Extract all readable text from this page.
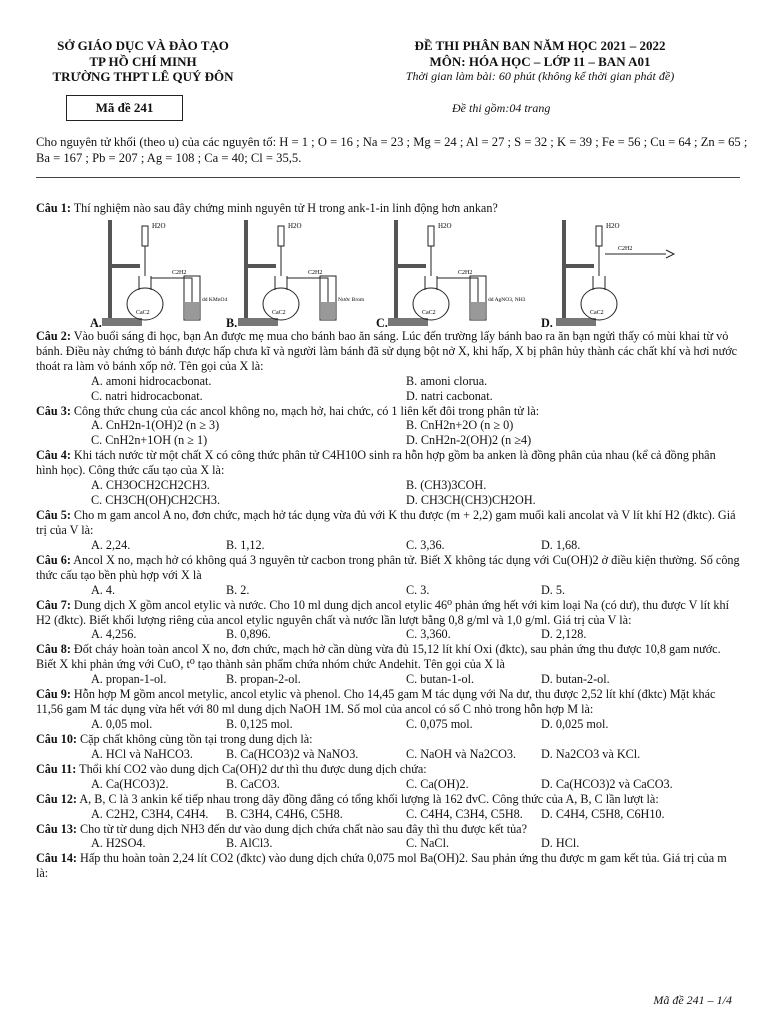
SỞ GIÁO DỤC VÀ ĐÀO TẠO
TP HỒ CHÍ MINH
TRƯỜNG THPT LÊ QUÝ ĐÔN
ĐỀ THI PHÂN BAN NĂM HỌC 2021 – 2022
MÔN: HÓA HỌC – LỚP 11 – BAN A01
Thời gian làm bài: 60 phút (không kể thời gian phát đề)
Mã đề 241	Đề thi gồm:04 trang
Cho nguyên tử khối (theo u) của các nguyên tố: H = 1 ; O = 16 ; Na = 23 ; Mg = 24 ; Al = 27 ; S = 32 ; K = 39 ; Fe = 56 ; Cu = 64 ; Zn = 65 ; Ba = 167 ; Pb = 207 ; Ag = 108 ; Ca = 40; Cl = 35,5.
Câu 1: Thí nghiệm nào sau đây chứng minh nguyên tử H trong ank-1-in linh động hơn ankan?
A.
H2O
C2H2
dd KMnO4
CaC2
B.
H2O
C2H2
Nước Brom
CaC2
C.
H2O
C2H2
dd AgNO3, NH3
CaC2
D.
H2O
C2H2
CaC2
Câu 2: Vào buổi sáng đi học, bạn An được mẹ mua cho bánh bao ăn sáng. Lúc đến trường lấy bánh bao ra ăn bạn ngửi thấy có mùi khai từ vỏ bánh. Điều này chứng tỏ bánh được hấp chưa kĩ và người làm bánh đã sử dụng bột nở X, khi hấp, X bị phân hủy thành các chất khí và hơi nước thoát ra làm vỏ bánh xốp nở. Tên gọi của X là:
A. amoni hidrocacbonat.	B. amoni clorua.
C. natri hidrocacbonat.	D. natri cacbonat.
Câu 3: Công thức chung của các ancol không no, mạch hở, hai chức, có 1 liên kết đôi trong phân tử là:
A. CnH2n-1(OH)2 (n ≥ 3)	B. CnH2n+2O (n ≥ 0)
C. CnH2n+1OH (n ≥ 1)	D. CnH2n-2(OH)2 (n ≥4)
Câu 4: Khi tách nước từ một chất X có công thức phân tử C4H10O sinh ra hỗn hợp gồm ba anken là đồng phân của nhau (kể cả đồng phân hình học). Công thức cấu tạo của X là:
A. CH3OCH2CH2CH3.	B. (CH3)3COH.
C. CH3CH(OH)CH2CH3.	D. CH3CH(CH3)CH2OH.
Câu 5: Cho m gam ancol A no, đơn chức, mạch hở tác dụng vừa đủ với K thu được (m + 2,2) gam muối kali ancolat và V lít khí H2 (đktc). Giá trị của V là:
A. 2,24.	B. 1,12.	C. 3,36.	D. 1,68.
Câu 6: Ancol X no, mạch hở có không quá 3 nguyên tử cacbon trong phân tử. Biết X không tác dụng với Cu(OH)2 ở điều kiện thường. Số công thức cấu tạo bền phù hợp với X là
A. 4.	B. 2.	C. 3.	D. 5.
Câu 7: Dung dịch X gồm ancol etylic và nước. Cho 10 ml dung dịch ancol etylic 46⁰ phản ứng hết với kim loại Na (có dư), thu được V lít khí H2 (đktc). Biết khối lượng riêng của ancol etylic nguyên chất và nước lần lượt bằng 0,8 g/ml và 1,0 g/ml. Giá trị của V là:
A. 4,256.	B. 0,896.	C. 3,360.	D. 2,128.
Câu 8: Đốt cháy hoàn toàn ancol X no, đơn chức, mạch hở cần dùng vừa đủ 15,12 lít khí Oxi (đktc), sau phản ứng thu được 10,8 gam nước. Biết X khi phản ứng với CuO, t⁰ tạo thành sản phẩm chứa nhóm chức Andehit. Tên gọi của X là
A. propan-1-ol.	B. propan-2-ol.	C. butan-1-ol.	D. butan-2-ol.
Câu 9: Hỗn hợp M gồm ancol metylic, ancol etylic và phenol. Cho 14,45 gam M tác dụng với Na dư, thu được 2,52 lít khí (đktc) Mặt khác 11,56 gam M tác dụng vừa hết với 80 ml dung dịch NaOH 1M. Số mol của ancol có số C nhỏ trong hỗn hợp M là:
A. 0,05 mol.	B. 0,125 mol.	C. 0,075 mol.	D. 0,025 mol.
Câu 10: Cặp chất không cùng tồn tại trong dung dịch là:
A. HCl và NaHCO3.	B. Ca(HCO3)2 và NaNO3.	C. NaOH và Na2CO3. D. Na2CO3 và KCl.
Câu 11: Thổi khí CO2 vào dung dịch Ca(OH)2 dư thì thu được dung dịch chứa:
A. Ca(HCO3)2.	B. CaCO3.	C. Ca(OH)2.	D. Ca(HCO3)2 và CaCO3.
Câu 12: A, B, C là 3 ankin kế tiếp nhau trong dãy đồng đẳng có tổng khối lượng là 162 đvC. Công thức của A, B, C lần lượt là:
A. C2H2, C3H4, C4H4. B. C3H4, C4H6, C5H8.	C. C4H4, C3H4, C5H8. D. C4H4, C5H8, C6H10.
Câu 13: Cho từ từ dung dịch NH3 đến dư vào dung dịch chứa chất nào sau đây thì thu được kết tủa?
A. H2SO4.	B. AlCl3.	C. NaCl.	D. HCl.
Câu 14: Hấp thu hoàn toàn 2,24 lít CO2 (đktc) vào dung dịch chứa 0,075 mol Ba(OH)2. Sau phản ứng thu được m gam kết tủa. Giá trị của m là:
Mã đề 241 – 1/4
